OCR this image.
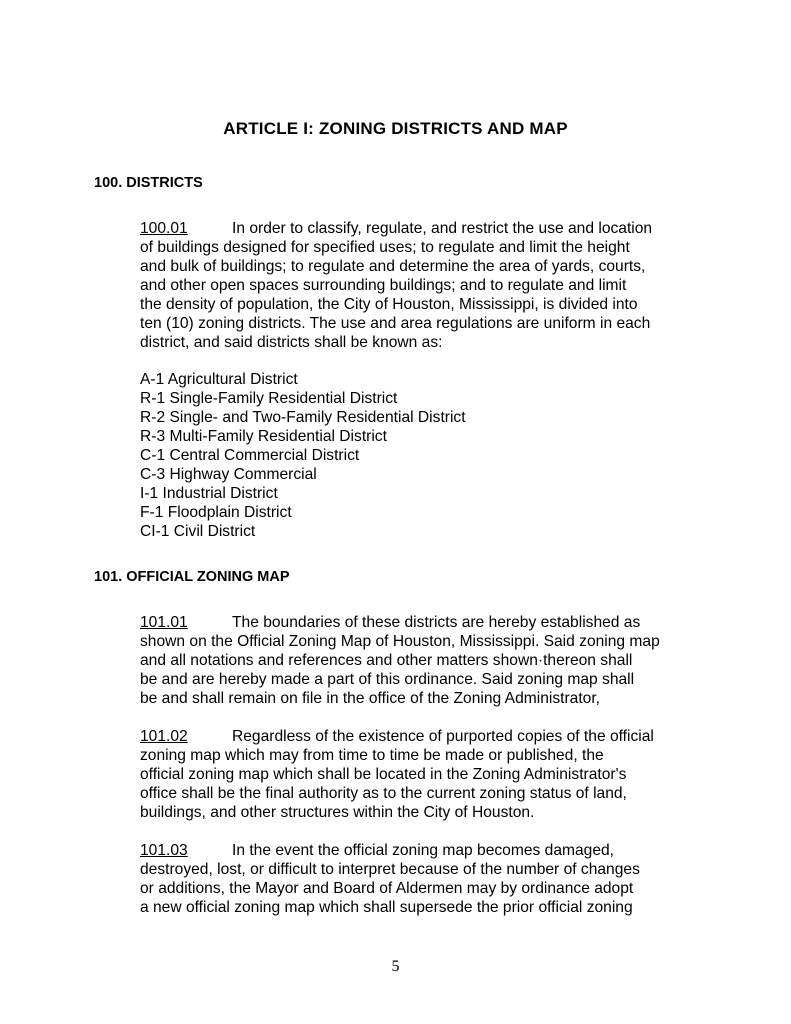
ARTICLE I: ZONING DISTRICTS AND MAP
100. DISTRICTS
100.01	In order to classify, regulate, and restrict the use and location
of buildings designed for specified uses; to regulate and limit the height
and bulk of buildings; to regulate and determine the area of yards, courts,
and other open spaces surrounding buildings; and to regulate and limit
the density of population, the City of Houston, Mississippi, is divided into
ten (10) zoning districts. The use and area regulations are uniform in each
district, and said districts shall be known as:
A-1 Agricultural District
R-1 Single-Family Residential District
R-2 Single- and Two-Family Residential District
R-3 Multi-Family Residential District
C-1 Central Commercial District
C-3 Highway Commercial
I-1 Industrial District
F-1 Floodplain District
CI-1 Civil District
101. OFFICIAL ZONING MAP
101.01	The boundaries of these districts are hereby established as
shown on the Official Zoning Map of Houston, Mississippi. Said zoning map
and all notations and references and other matters shown·thereon shall
be and are hereby made a part of this ordinance. Said zoning map shall
be and shall remain on file in the office of the Zoning Administrator,
101.02	Regardless of the existence of purported copies of the official
zoning map which may from time to time be made or published, the
official zoning map which shall be located in the Zoning Administrator's
office shall be the final authority as to the current zoning status of land,
buildings, and other structures within the City of Houston.
101.03	In the event the official zoning map becomes damaged,
destroyed, lost, or difficult to interpret because of the number of changes
or additions, the Mayor and Board of Aldermen may by ordinance adopt
a new official zoning map which shall supersede the prior official zoning
5
